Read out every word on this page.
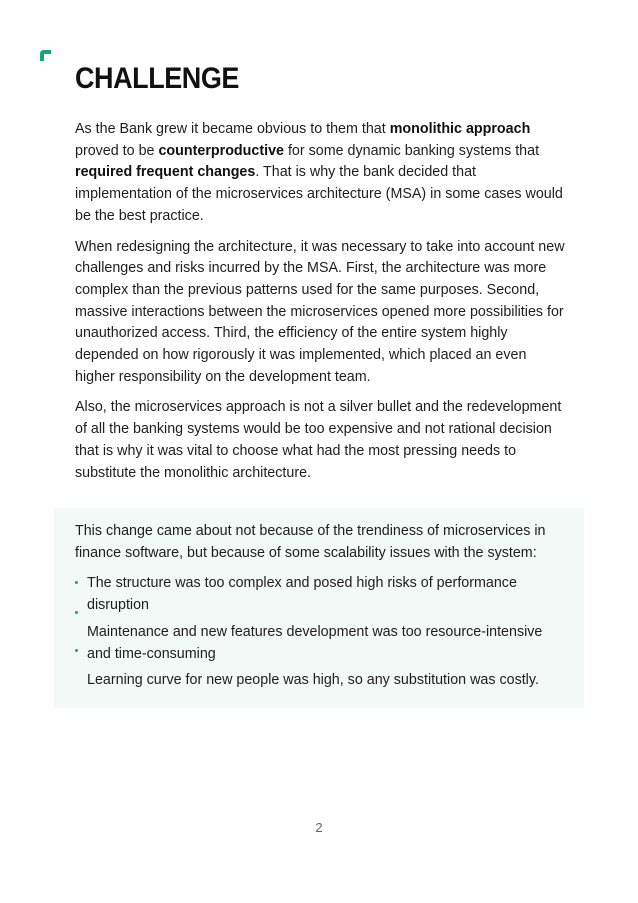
CHALLENGE

As the Bank grew it became obvious to them that monolithic approach proved to be counterproductive for some dynamic banking systems that required frequent changes. That is why the bank decided that implementation of the microservices architecture (MSA) in some cases would be the best practice.

When redesigning the architecture, it was necessary to take into account new challenges and risks incurred by the MSA. First, the architecture was more complex than the previous patterns used for the same purposes. Second, massive interactions between the microservices opened more possibilities for unauthorized access. Third, the efficiency of the entire system highly depended on how rigorously it was implemented, which placed an even higher responsibility on the development team.

Also, the microservices approach is not a silver bullet and the redevelopment of all the banking systems would be too expensive and not rational decision that is why it was vital to choose what had the most pressing needs to substitute the monolithic architecture.

This change came about not because of the trendiness of microservices in finance software, but because of some scalability issues with the system:

The structure was too complex and posed high risks of performance disruption
Maintenance and new features development was too resource-intensive and time-consuming
Learning curve for new people was high, so any substitution was costly.
2
